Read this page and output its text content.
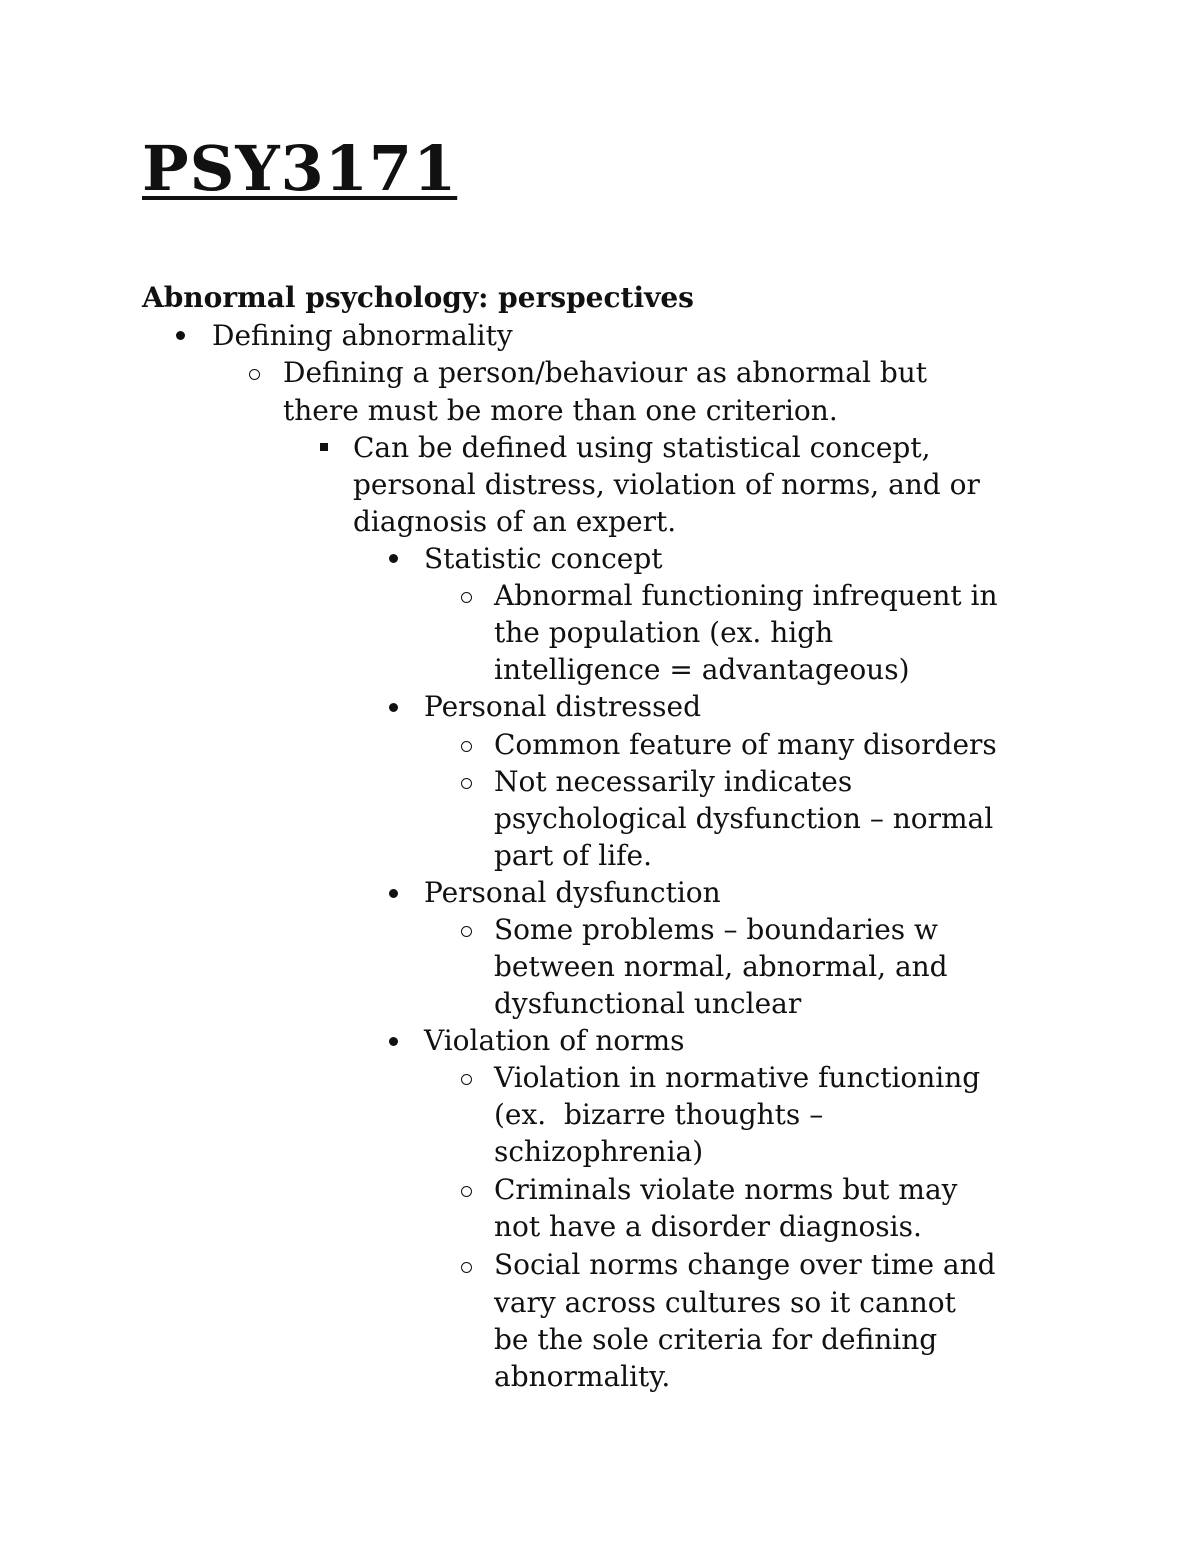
PSY3171
Abnormal psychology: perspectives
Defining abnormality
Defining a person/behaviour as abnormal but
there must be more than one criterion.
Can be defined using statistical concept,
personal distress, violation of norms, and or
diagnosis of an expert.
Statistic concept
Abnormal functioning infrequent in
the population (ex. high
intelligence = advantageous)
Personal distressed
Common feature of many disorders
Not necessarily indicates
psychological dysfunction – normal
part of life.
Personal dysfunction
Some problems – boundaries w
between normal, abnormal, and
dysfunctional unclear
Violation of norms
Violation in normative functioning
(ex.  bizarre thoughts –
schizophrenia)
Criminals violate norms but may
not have a disorder diagnosis.
Social norms change over time and
vary across cultures so it cannot
be the sole criteria for defining
abnormality.
